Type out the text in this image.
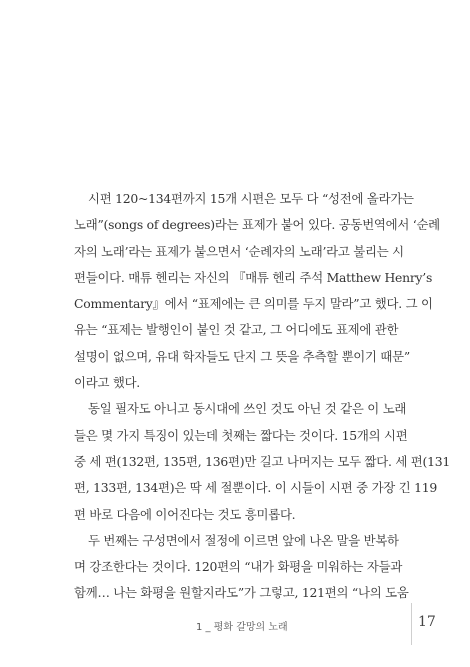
시편 120~134편까지 15개 시편은 모두 다 “성전에 올라가는
노래”(songs of degrees)라는 표제가 붙어 있다. 공동번역에서 ‘순례
자의 노래’라는 표제가 붙으면서 ‘순례자의 노래’라고 불리는 시
편들이다. 매튜 헨리는 자신의 『매튜 헨리 주석 Matthew Henry’s
Commentary』에서 “표제에는 큰 의미를 두지 말라”고 했다. 그 이
유는 “표제는 발행인이 붙인 것 같고, 그 어디에도 표제에 관한
설명이 없으며, 유대 학자들도 단지 그 뜻을 추측할 뿐이기 때문”
이라고 했다.
동일 필자도 아니고 동시대에 쓰인 것도 아닌 것 같은 이 노래
들은 몇 가지 특징이 있는데 첫째는 짧다는 것이다. 15개의 시편
중 세 편(132편, 135편, 136편)만 길고 나머지는 모두 짧다. 세 편(131
편, 133편, 134편)은 딱 세 절뿐이다. 이 시들이 시편 중 가장 긴 119
편 바로 다음에 이어진다는 것도 흥미롭다.
두 번째는 구성면에서 절정에 이르면 앞에 나온 말을 반복하
며 강조한다는 것이다. 120편의 “내가 화평을 미워하는 자들과
함께… 나는 화평을 원할지라도”가 그렇고, 121편의 “나의 도움
1 _ 평화 갈망의 노래	17
